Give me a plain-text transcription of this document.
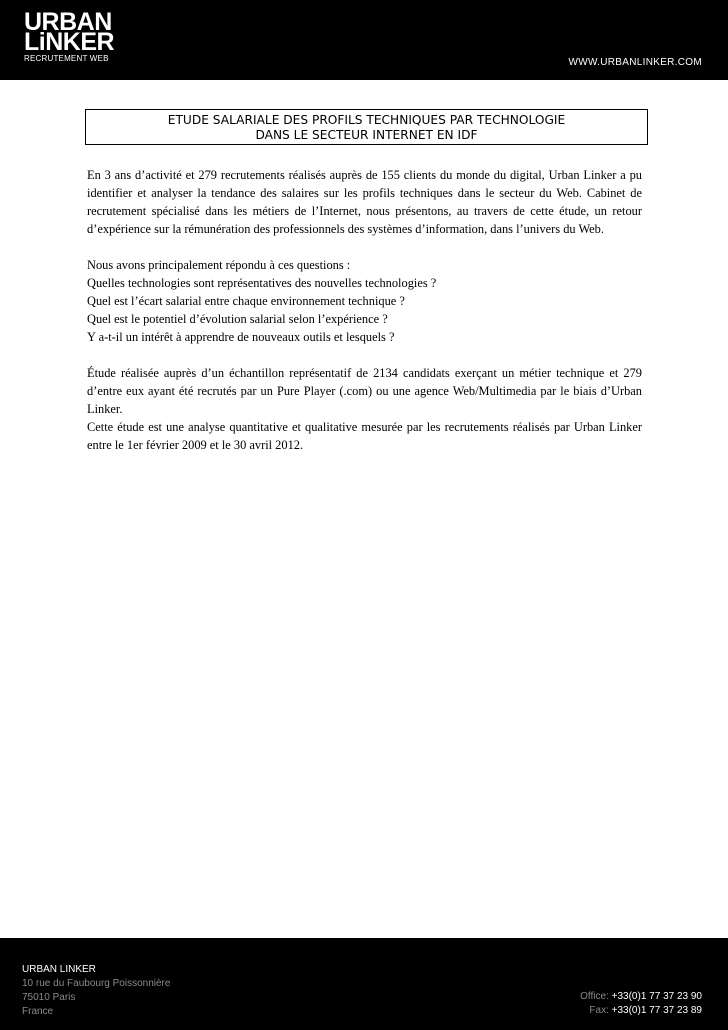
URBAN
LiNKER
RECRUTEMENT WEB	WWW.URBANLINKER.COM
ETUDE SALARIALE DES PROFILS TECHNIQUES PAR TECHNOLOGIE
DANS LE SECTEUR INTERNET EN IDF

En 3 ans d’activité et 279 recrutements réalisés auprès de 155 clients du monde du digital, Urban Linker a pu identifier et analyser la tendance des salaires sur les profils techniques dans le secteur du Web. Cabinet de recrutement spécialisé dans les métiers de l’Internet, nous présentons, au travers de cette étude, un retour d’expérience sur la rémunération des professionnels des systèmes d’information, dans l’univers du Web.

Nous avons principalement répondu à ces questions :

Quelles technologies sont représentatives des nouvelles technologies ?
Quel est l’écart salarial entre chaque environnement technique ?
Quel est le potentiel d’évolution salarial selon l’expérience ?
Y a-t-il un intérêt à apprendre de nouveaux outils et lesquels ?

Étude réalisée auprès d’un échantillon représentatif de 2134 candidats exerçant un métier technique et 279 d’entre eux ayant été recrutés par un Pure Player (.com) ou une agence Web/Multimedia par le biais d’Urban Linker.

Cette étude est une analyse quantitative et qualitative mesurée par les recrutements réalisés par Urban Linker entre le 1er février 2009 et le 30 avril 2012.

URBAN LINKER
10 rue du Faubourg Poissonnière
75010 Paris
France
Office: +33(0)1 77 37 23 90
Fax: +33(0)1 77 37 23 89
